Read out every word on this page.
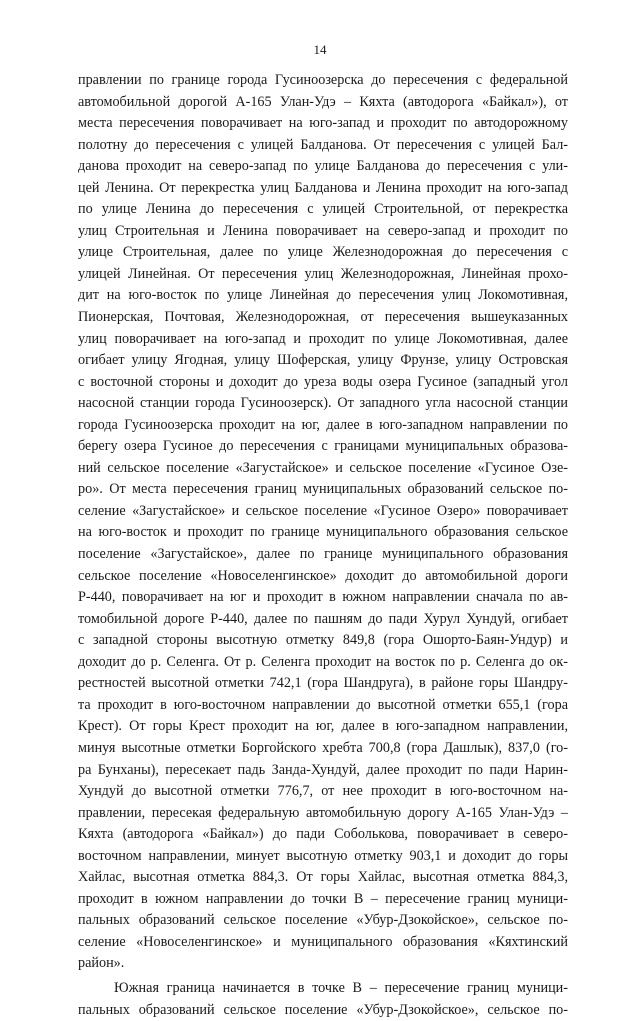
14
правлении по границе города Гусиноозерска до пересечения с федеральной
автомобильной дорогой А-165 Улан-Удэ – Кяхта (автодорога «Байкал»), от
места пересечения поворачивает на юго-запад и проходит по автодорожному
полотну до пересечения с улицей Балданова. От пересечения с улицей Бал-
данова проходит на северо-запад по улице Балданова до пересечения с ули-
цей Ленина. От перекрестка улиц Балданова и Ленина проходит на юго-запад
по улице Ленина до пересечения с улицей Строительной, от перекрестка
улиц Строительная и Ленина поворачивает на северо-запад и проходит по
улице Строительная, далее по улице Железнодорожная до пересечения с
улицей Линейная. От пересечения улиц Железнодорожная, Линейная прохо-
дит на юго-восток по улице Линейная до пересечения улиц Локомотивная,
Пионерская, Почтовая, Железнодорожная, от пересечения вышеуказанных
улиц поворачивает на юго-запад и проходит по улице Локомотивная, далее
огибает улицу Ягодная, улицу Шоферская, улицу Фрунзе, улицу Островская
с восточной стороны и доходит до уреза воды озера Гусиное (западный угол
насосной станции города Гусиноозерск). От западного угла насосной станции
города Гусиноозерска проходит на юг, далее в юго-западном направлении по
берегу озера Гусиное до пересечения с границами муниципальных образова-
ний сельское поселение «Загустайское» и сельское поселение «Гусиное Озе-
ро». От места пересечения границ муниципальных образований сельское по-
селение «Загустайское» и сельское поселение «Гусиное Озеро» поворачивает
на юго-восток и проходит по границе муниципального образования сельское
поселение «Загустайское», далее по границе муниципального образования
сельское поселение «Новоселенгинское» доходит до автомобильной дороги
Р-440, поворачивает на юг и проходит в южном направлении сначала по ав-
томобильной дороге Р-440, далее по пашням до пади Хурул Хундуй, огибает
с западной стороны высотную отметку 849,8 (гора Ошорто-Баян-Ундур) и
доходит до р. Селенга. От р. Селенга проходит на восток по р. Селенга до ок-
рестностей высотной отметки 742,1 (гора Шандруга), в районе горы Шандру-
та проходит в юго-восточном направлении до высотной отметки 655,1 (гора
Крест). От горы Крест проходит на юг, далее в юго-западном направлении,
минуя высотные отметки Боргойского хребта 700,8 (гора Дашлык), 837,0 (го-
ра Бунханы), пересекает падь Занда-Хундуй, далее проходит по пади Нарин-
Хундуй до высотной отметки 776,7, от нее проходит в юго-восточном на-
правлении, пересекая федеральную автомобильную дорогу А-165 Улан-Удэ –
Кяхта (автодорога «Байкал») до пади Соболькова, поворачивает в северо-
восточном направлении, минует высотную отметку 903,1 и доходит до горы
Хайлас, высотная отметка 884,3. От горы Хайлас, высотная отметка 884,3,
проходит в южном направлении до точки В – пересечение границ муници-
пальных образований сельское поселение «Убур-Дзокойское», сельское по-
селение «Новоселенгинское» и муниципального образования «Кяхтинский
район».
Южная граница начинается в точке В – пересечение границ муници-
пальных образований сельское поселение «Убур-Дзокойское», сельское по-
